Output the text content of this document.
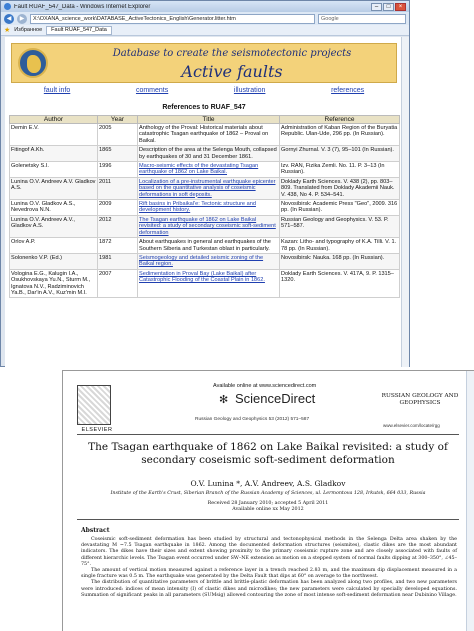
Fault RUAF_547_Data - Windows Internet Explorer	–	□	×
◀	▶	X:\OXANA_science_work\DATABASE_ActiveTectonics_English\Generator.litter.htm	Google
★ Избранное	Fault RUAF_547_Data
Database to create the seismotectonic projects
Active faults
fault info	comments	illustration	references
References to RUAF_547
Author	Year	Title	Reference
Demin E.V.	2005	Anthology of the Proval: Historical materials about catastrophic Tsagan earthquake of 1862 – Proval on Baikal.	Administration of Kaban Region of the Buryatia Republic. Ulan-Ude, 296 pp. (In Russian).
Fitingof A.Kh.	1865	Description of the area at the Selenga Mouth, collapsed by earthquakes of 30 and 31 December 1861.	Gornyi Zhurnal. V. 3 (7), 95–101 (In Russian).
Golenetsky S.I.	1996	Macro-seismic effects of the devastating Tsagan earthquake of 1862 on Lake Baikal.	Izv. RAN, Fizika Zemli. No. 11. P. 3–13 (In Russian).
Lunina O.V. Andreev A.V. Gladkov A.S.	2011	Localization of a pre-instrumental earthquake epicenter based on the quantitative analysis of coseismic deformations in soft deposits.	Doklady Earth Sciences. V. 438 (2), pp. 803–809. Translated from Doklady Akademii Nauk. V. 438, No 4. P. 534–541.
Lunina O.V. Gladkov A.S., Nevedrova N.N.	2009	Rift basins in Pribaikal'e: Tectonic structure and development history.	Novosibirsk: Academic Press "Geo", 2009. 316 pp. (In Russian).
Lunina O.V. Andreev A.V., Gladkov A.S.	2012	The Tsagan earthquake of 1862 on Lake Baikal revisited: a study of secondary coseismic soft-sediment deformation	Russian Geology and Geophysics. V. 53. P. 571–587.
Orlov A.P.	1872	About earthquakes in general and earthquakes of the Southern Siberia and Turkestan oblast in particularly.	Kazan: Litho- and typography of K.A. Tilli. V. 1. 78 pp. (In Russian).
Solonenko V.P. (Ed.)	1981	Seismogeology and detailed seismic zoning of the Baikal region.	Novosibirsk: Nauka. 168 pp. (In Russian).
Vologina E.G., Kalugin I.A., Osukhovskaya Yu.N., Sturm M., Ignatova N.V., Radziminovich Ya.B., Dar'in A.V., Kuz'min M.I.	2007	Sedimentation in Proval Bay (Lake Baikal) after Catastrophic Flooding of the Coastal Plain in 1862.	Doklady Earth Sciences. V. 417A, 9. P. 1315–1320.
ELSEVIER
Available online at www.sciencedirect.com
✻ ScienceDirect
Russian Geology and Geophysics 53 (2012) 571–587
RUSSIAN GEOLOGY AND GEOPHYSICS
www.elsevier.com/locate/rgg
The Tsagan earthquake of 1862 on Lake Baikal revisited: a study of secondary coseismic soft-sediment deformation
O.V. Lunina *, A.V. Andreev, A.S. Gladkov
Institute of the Earth's Crust, Siberian Branch of the Russian Academy of Sciences, ul. Lermontova 128, Irkutsk, 664 033, Russia
Received 28 January 2010; accepted 5 April 2011
Available online xx May 2012
Abstract

Coseismic soft-sediment deformation has been studied by structural and tectonophysical methods in the Selenga Delta area shaken by the devastating M ~7.5 Tsagan earthquake in 1862. Among the documented deformation structures (seismites), clastic dikes are the most abundant indicators. The dikes have their sizes and extent showing proximity to the primary coseismic rupture zone and are closely associated with faults of different hierarchic levels. The Tsagan event occurred under SW–NE extension as motion on a stepped system of normal faults dipping at 300–350°, ∠45–75°.

The amount of vertical motion measured against a reference layer in a trench reached 2.83 m, and the maximum dip displacement measured in a single fracture was 0.5 m. The earthquake was generated by the Delta Fault that dips at 60° on average to the northwest.

The distribution of quantitative parameters of brittle and brittle-plastic deformation has been analyzed along two profiles, and two new parameters were introduced: indices of mean intensity (I) of clastic dikes and microdikes; the new parameters were calculated by specially developed equations. Summation of significant peaks in all parameters (SUMsig) allowed contouring the zone of most intense soft-sediment deformation near Dubinino Village.
